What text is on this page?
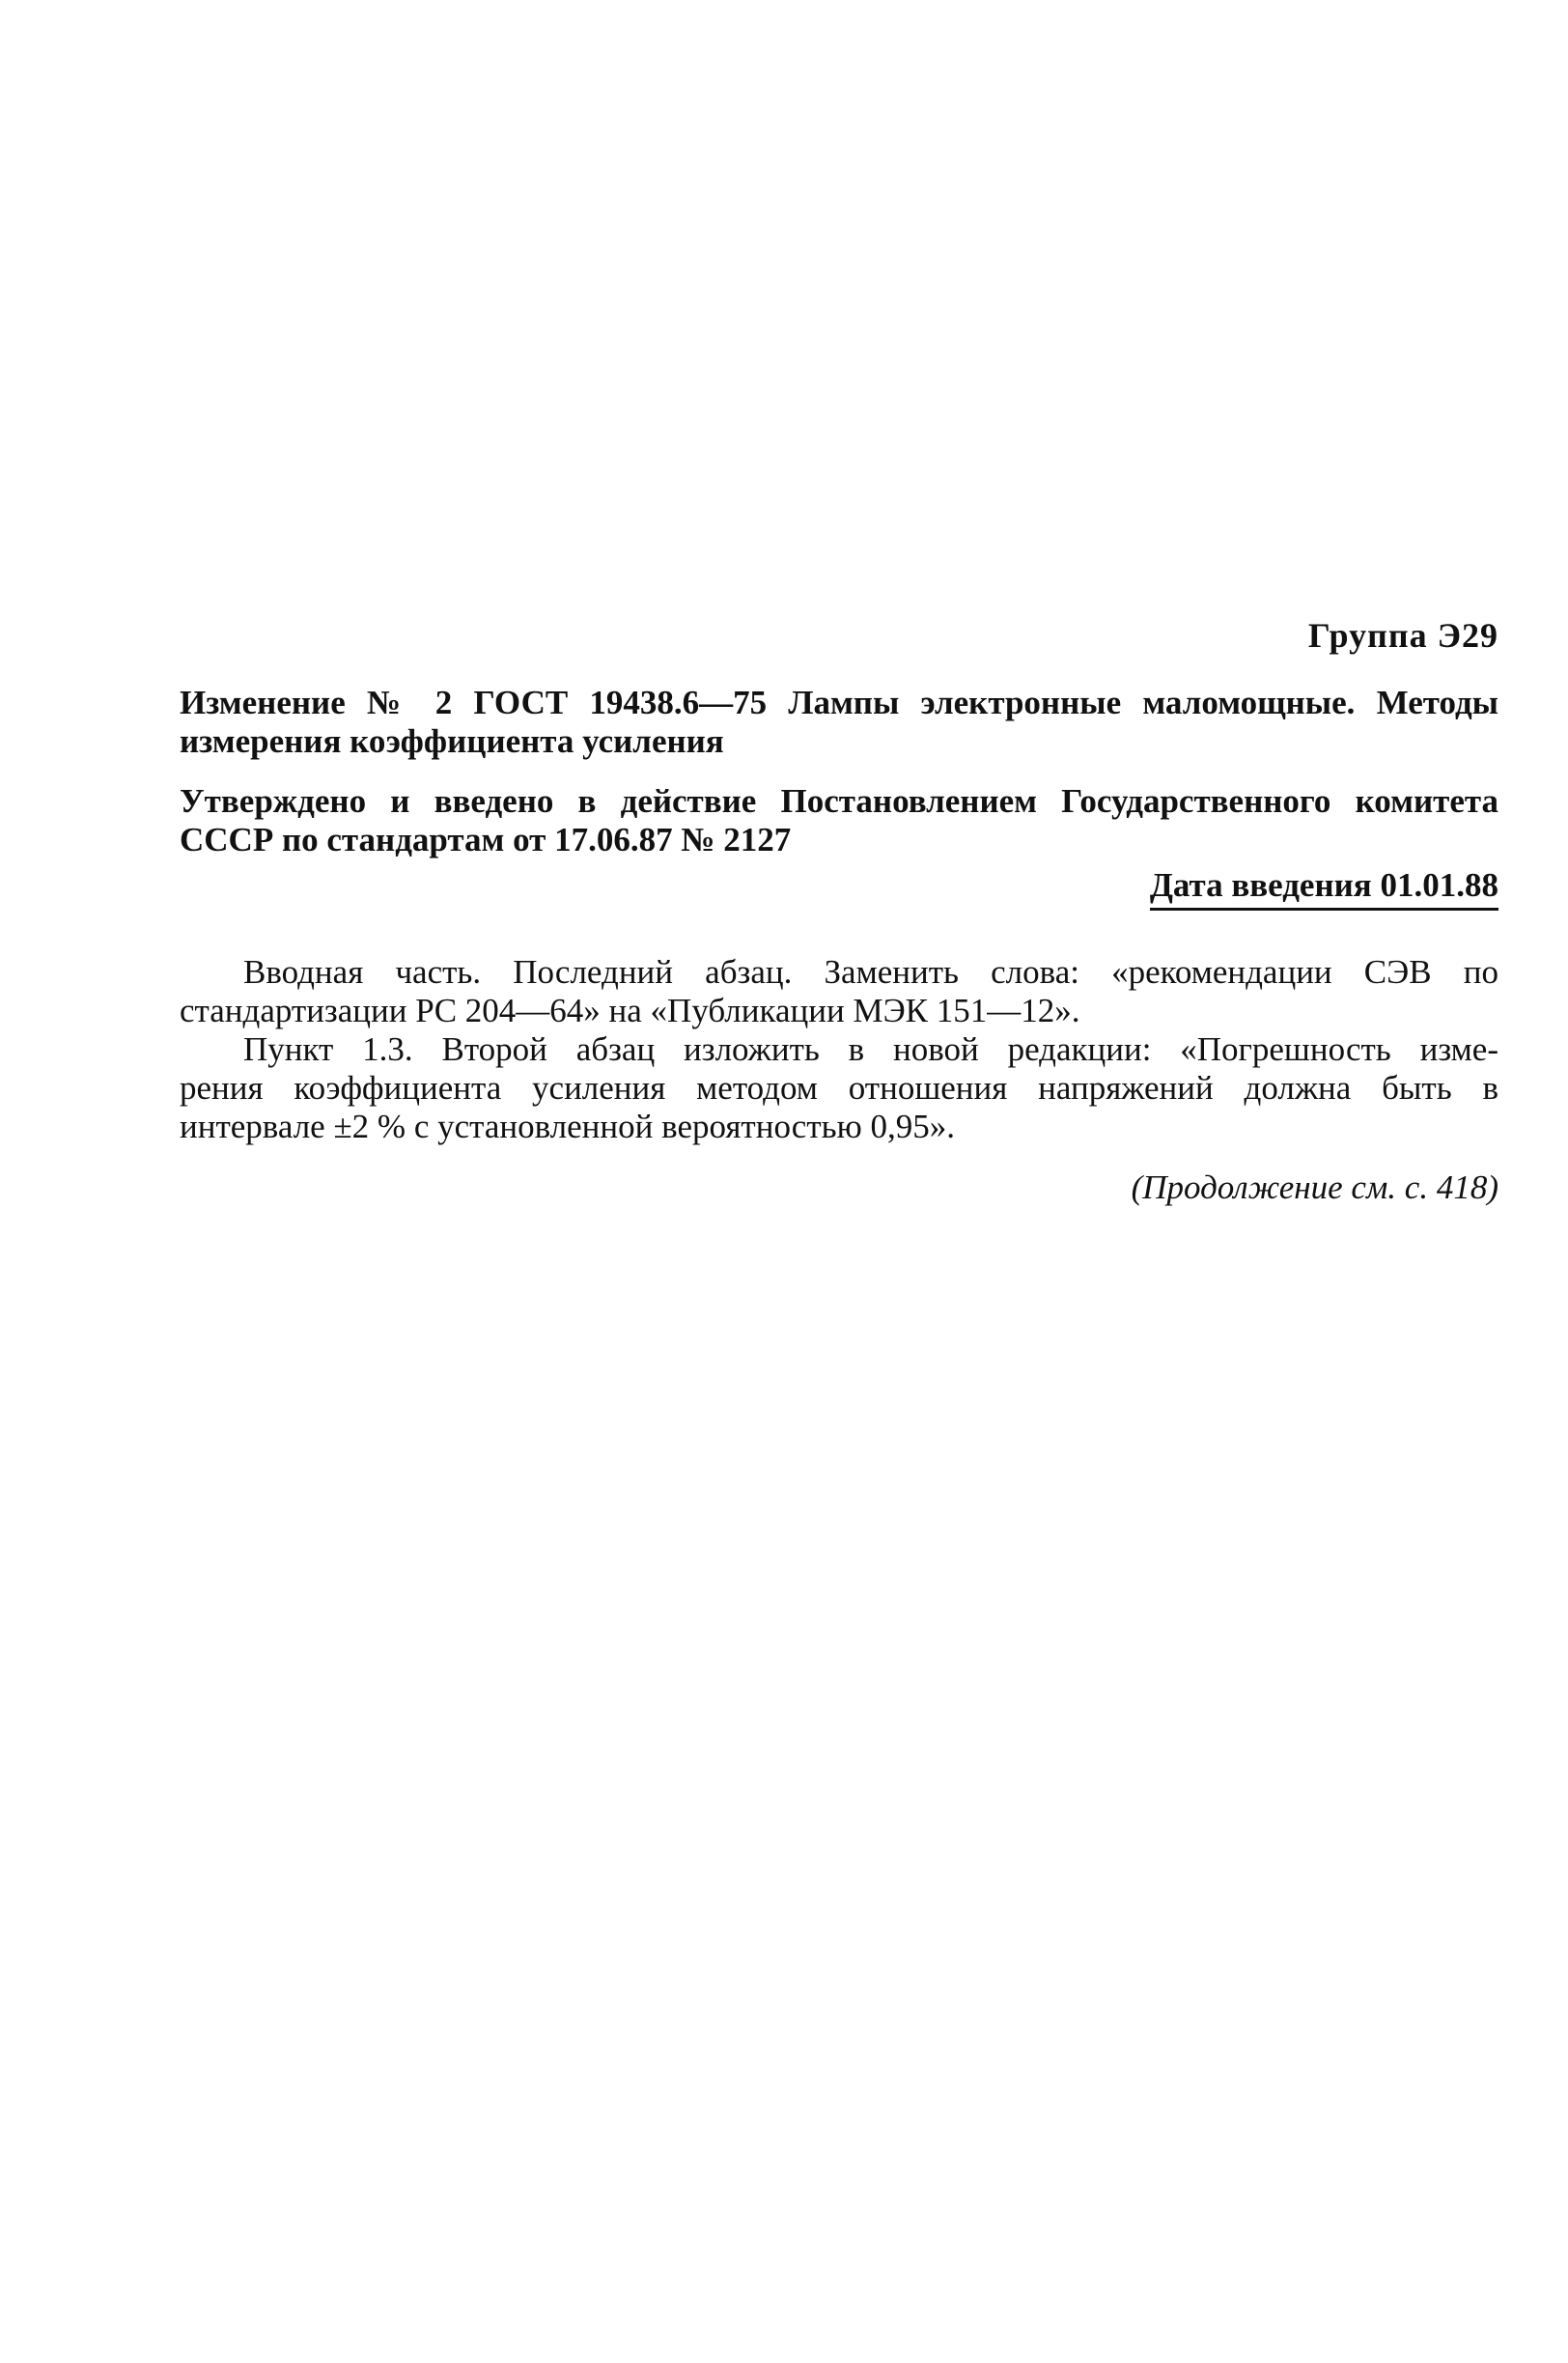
Группа Э29
Изменение № 2 ГОСТ 19438.6—75 Лампы электронные маломощные. Методы
измерения коэффициента усиления
Утверждено и введено в действие Постановлением Государственного комитета
СССР по стандартам от 17.06.87 № 2127
Дата введения 01.01.88
Вводная часть. Последний абзац. Заменить слова: «рекомендации СЭВ по
стандартизации PC 204—64» на «Публикации МЭК 151—12».
Пункт 1.3. Второй абзац изложить в новой редакции: «Погрешность изме-
рения коэффициента усиления методом отношения напряжений должна быть в
интервале ±2 % с установленной вероятностью 0,95».
(Продолжение см. с. 418)
